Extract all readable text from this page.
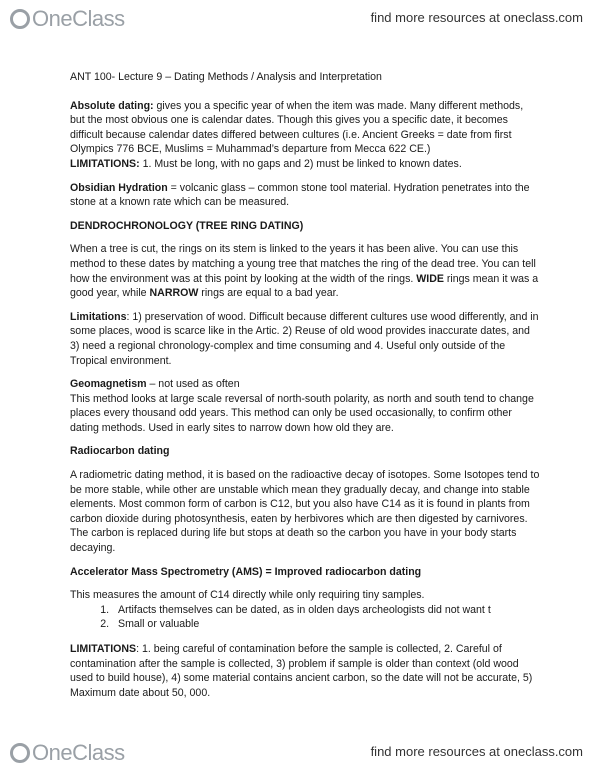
OneClass	find more resources at oneclass.com

ANT 100- Lecture 9 – Dating Methods / Analysis and Interpretation

Absolute dating: gives you a specific year of when the item was made. Many different methods, but the most obvious one is calendar dates. Though this gives you a specific date, it becomes difficult because calendar dates differed between cultures (i.e. Ancient Greeks = date from first Olympics 776 BCE, Muslims = Muhammad’s departure from Mecca 622 CE.)

LIMITATIONS: 1. Must be long, with no gaps and 2) must be linked to known dates.

Obsidian Hydration = volcanic glass – common stone tool material. Hydration penetrates into the stone at a known rate which can be measured.

DENDROCHRONOLOGY (TREE RING DATING)

When a tree is cut, the rings on its stem is linked to the years it has been alive. You can use this method to these dates by matching a young tree that matches the ring of the dead tree. You can tell how the environment was at this point by looking at the width of the rings. WIDE rings mean it was a good year, while NARROW rings are equal to a bad year.

Limitations: 1) preservation of wood. Difficult because different cultures use wood differently, and in some places, wood is scarce like in the Artic. 2) Reuse of old wood provides inaccurate dates, and 3) need a regional chronology-complex and time consuming and 4. Useful only outside of the Tropical environment.

Geomagnetism – not used as often

This method looks at large scale reversal of north-south polarity, as north and south tend to change places every thousand odd years. This method can only be used occasionally, to confirm other dating methods. Used in early sites to narrow down how old they are.

Radiocarbon dating

A radiometric dating method, it is based on the radioactive decay of isotopes. Some Isotopes tend to be more stable, while other are unstable which mean they gradually decay, and change into stable elements. Most common form of carbon is C12, but you also have C14 as it is found in plants from carbon dioxide during photosynthesis, eaten by herbivores which are then digested by carnivores. The carbon is replaced during life but stops at death so the carbon you have in your body starts decaying.

Accelerator Mass Spectrometry (AMS) = Improved radiocarbon dating

This measures the amount of C14 directly while only requiring tiny samples.

1. Artifacts themselves can be dated, as in olden days archeologists did not want t
2. Small or valuable

LIMITATIONS: 1. being careful of contamination before the sample is collected, 2. Careful of contamination after the sample is collected, 3) problem if sample is older than context (old wood used to build house), 4) some material contains ancient carbon, so the date will not be accurate, 5) Maximum date about 50, 000.

OneClass	find more resources at oneclass.com
